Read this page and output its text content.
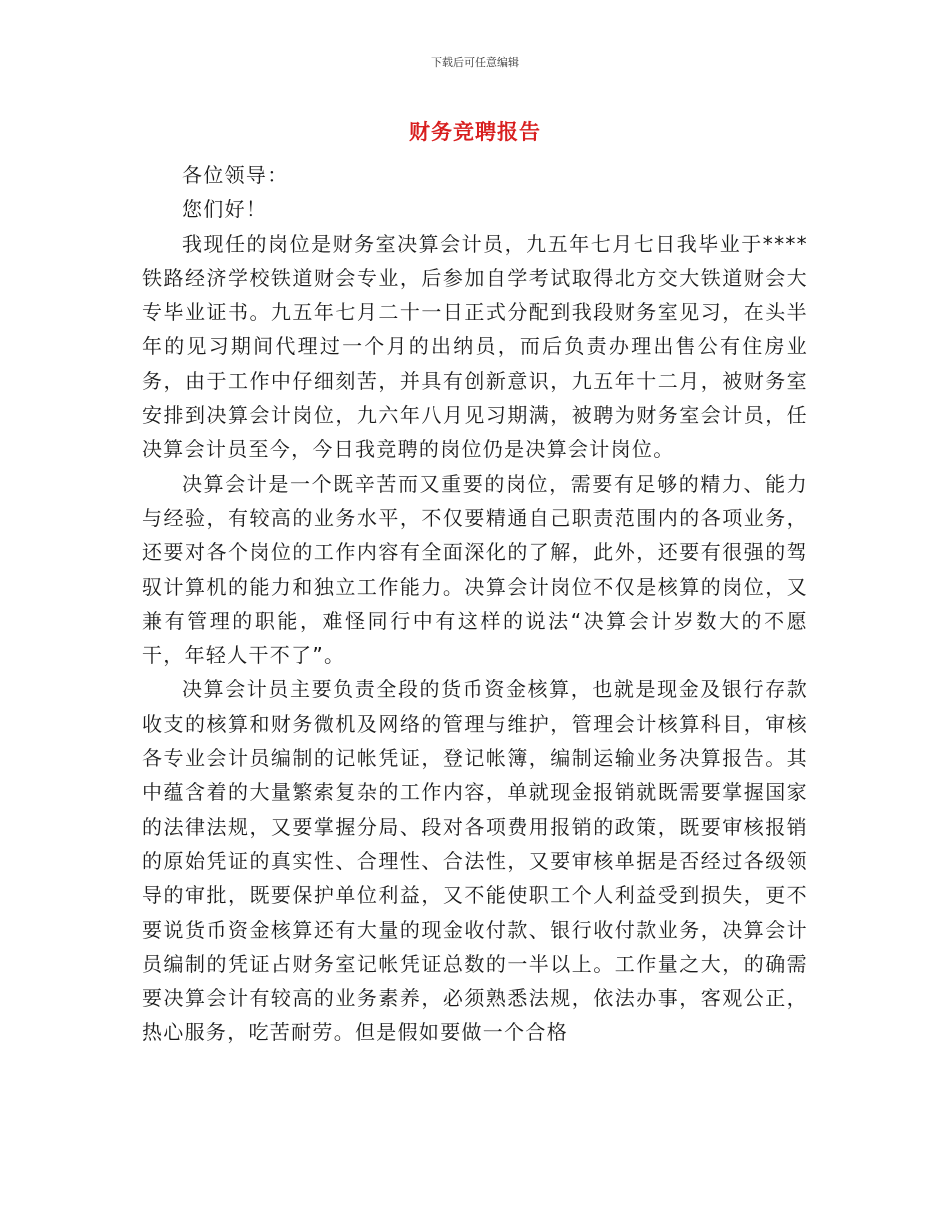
下载后可任意编辑
财务竞聘报告

各位领导：

您们好！

我现任的岗位是财务室决算会计员，九五年七月七日我毕业于****铁路经济学校铁道财会专业，后参加自学考试取得北方交大铁道财会大专毕业证书。九五年七月二十一日正式分配到我段财务室见习，在头半年的见习期间代理过一个月的出纳员，而后负责办理出售公有住房业务，由于工作中仔细刻苦，并具有创新意识，九五年十二月，被财务室安排到决算会计岗位，九六年八月见习期满，被聘为财务室会计员，任决算会计员至今，今日我竞聘的岗位仍是决算会计岗位。

决算会计是一个既辛苦而又重要的岗位，需要有足够的精力、能力与经验，有较高的业务水平，不仅要精通自己职责范围内的各项业务，还要对各个岗位的工作内容有全面深化的了解，此外，还要有很强的驾驭计算机的能力和独立工作能力。决算会计岗位不仅是核算的岗位，又兼有管理的职能，难怪同行中有这样的说法“决算会计岁数大的不愿干，年轻人干不了”。

决算会计员主要负责全段的货币资金核算，也就是现金及银行存款收支的核算和财务微机及网络的管理与维护，管理会计核算科目，审核各专业会计员编制的记帐凭证，登记帐簿，编制运输业务决算报告。其中蕴含着的大量繁索复杂的工作内容，单就现金报销就既需要掌握国家的法律法规，又要掌握分局、段对各项费用报销的政策，既要审核报销的原始凭证的真实性、合理性、合法性，又要审核单据是否经过各级领导的审批，既要保护单位利益，又不能使职工个人利益受到损失，更不要说货币资金核算还有大量的现金收付款、银行收付款业务，决算会计员编制的凭证占财务室记帐凭证总数的一半以上。工作量之大，的确需要决算会计有较高的业务素养，必须熟悉法规，依法办事，客观公正，热心服务，吃苦耐劳。但是假如要做一个合格
